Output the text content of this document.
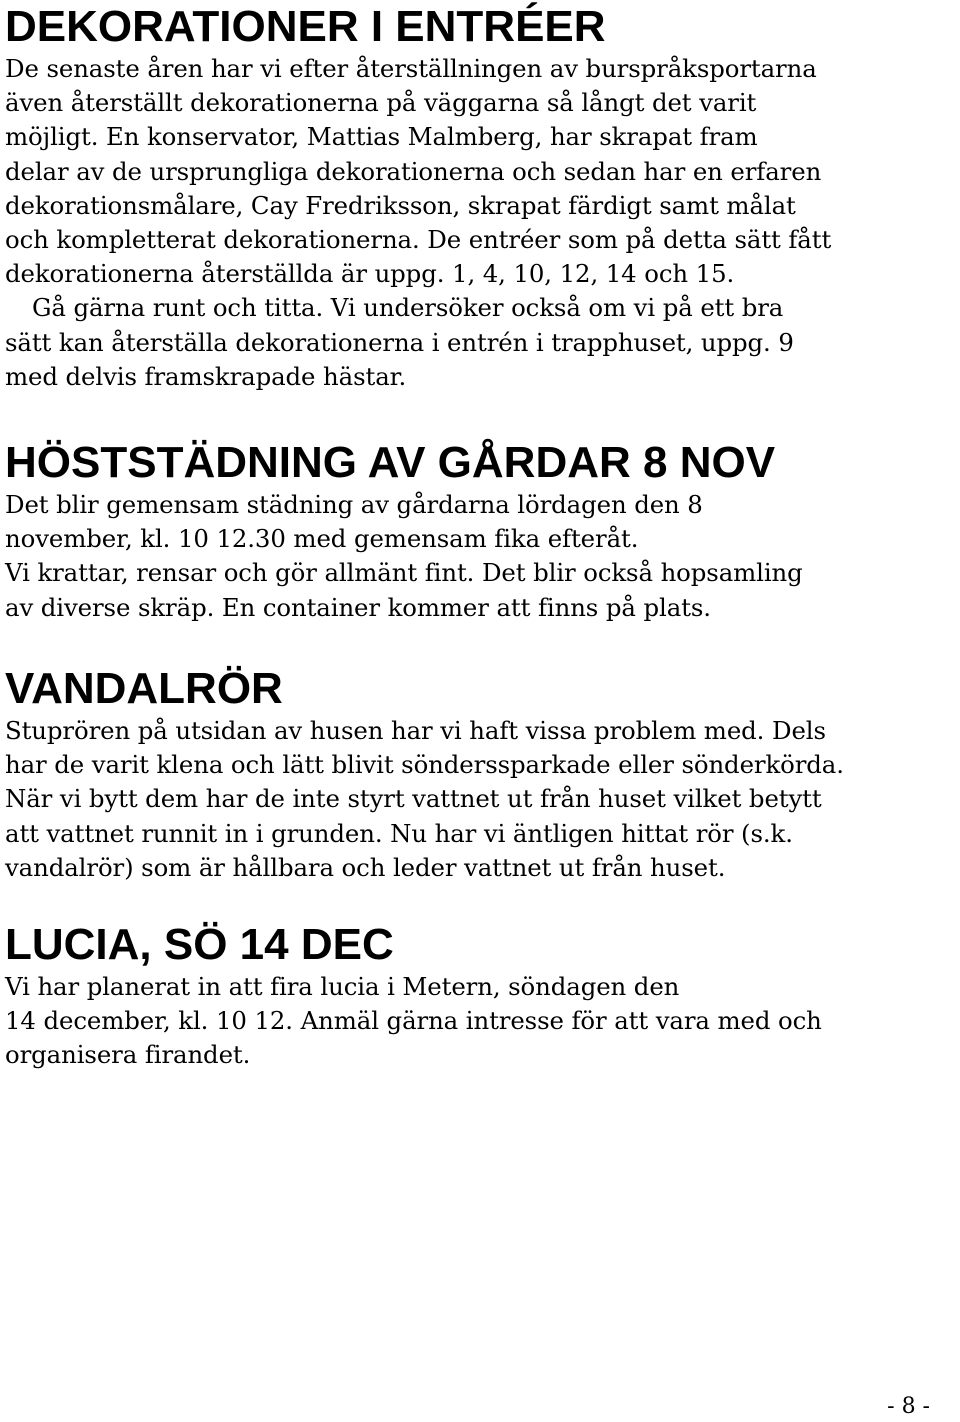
DEKORATIONER I ENTRÉER

De senaste åren har vi efter återställningen av burspråksportarna
även återställt dekorationerna på väggarna så långt det varit
möjligt. En konservator, Mattias Malmberg, har skrapat fram
delar av de ursprungliga dekorationerna och sedan har en erfaren
dekorationsmålare, Cay Fredriksson, skrapat färdigt samt målat
och kompletterat dekorationerna. De entréer som på detta sätt fått
dekorationerna återställda är uppg. 1, 4, 10, 12, 14 och 15.
Gå gärna runt och titta. Vi undersöker också om vi på ett bra
sätt kan återställa dekorationerna i entrén i trapphuset, uppg. 9
med delvis framskrapade hästar.

HÖSTSTÄDNING AV GÅRDAR 8 NOV

Det blir gemensam städning av gårdarna lördagen den 8
november, kl. 10 12.30 med gemensam fika efteråt.
Vi krattar, rensar och gör allmänt fint. Det blir också hopsamling
av diverse skräp. En container kommer att finns på plats.

VANDALRÖR

Stuprören på utsidan av husen har vi haft vissa problem med. Dels
har de varit klena och lätt blivit sönderssparkade eller sönderkörda.
När vi bytt dem har de inte styrt vattnet ut från huset vilket betytt
att vattnet runnit in i grunden. Nu har vi äntligen hittat rör (s.k.
vandalrör) som är hållbara och leder vattnet ut från huset.

LUCIA, SÖ 14 DEC

Vi har planerat in att fira lucia i Metern, söndagen den
14 december, kl. 10 12. Anmäl gärna intresse för att vara med och
organisera firandet.

- 8 -
